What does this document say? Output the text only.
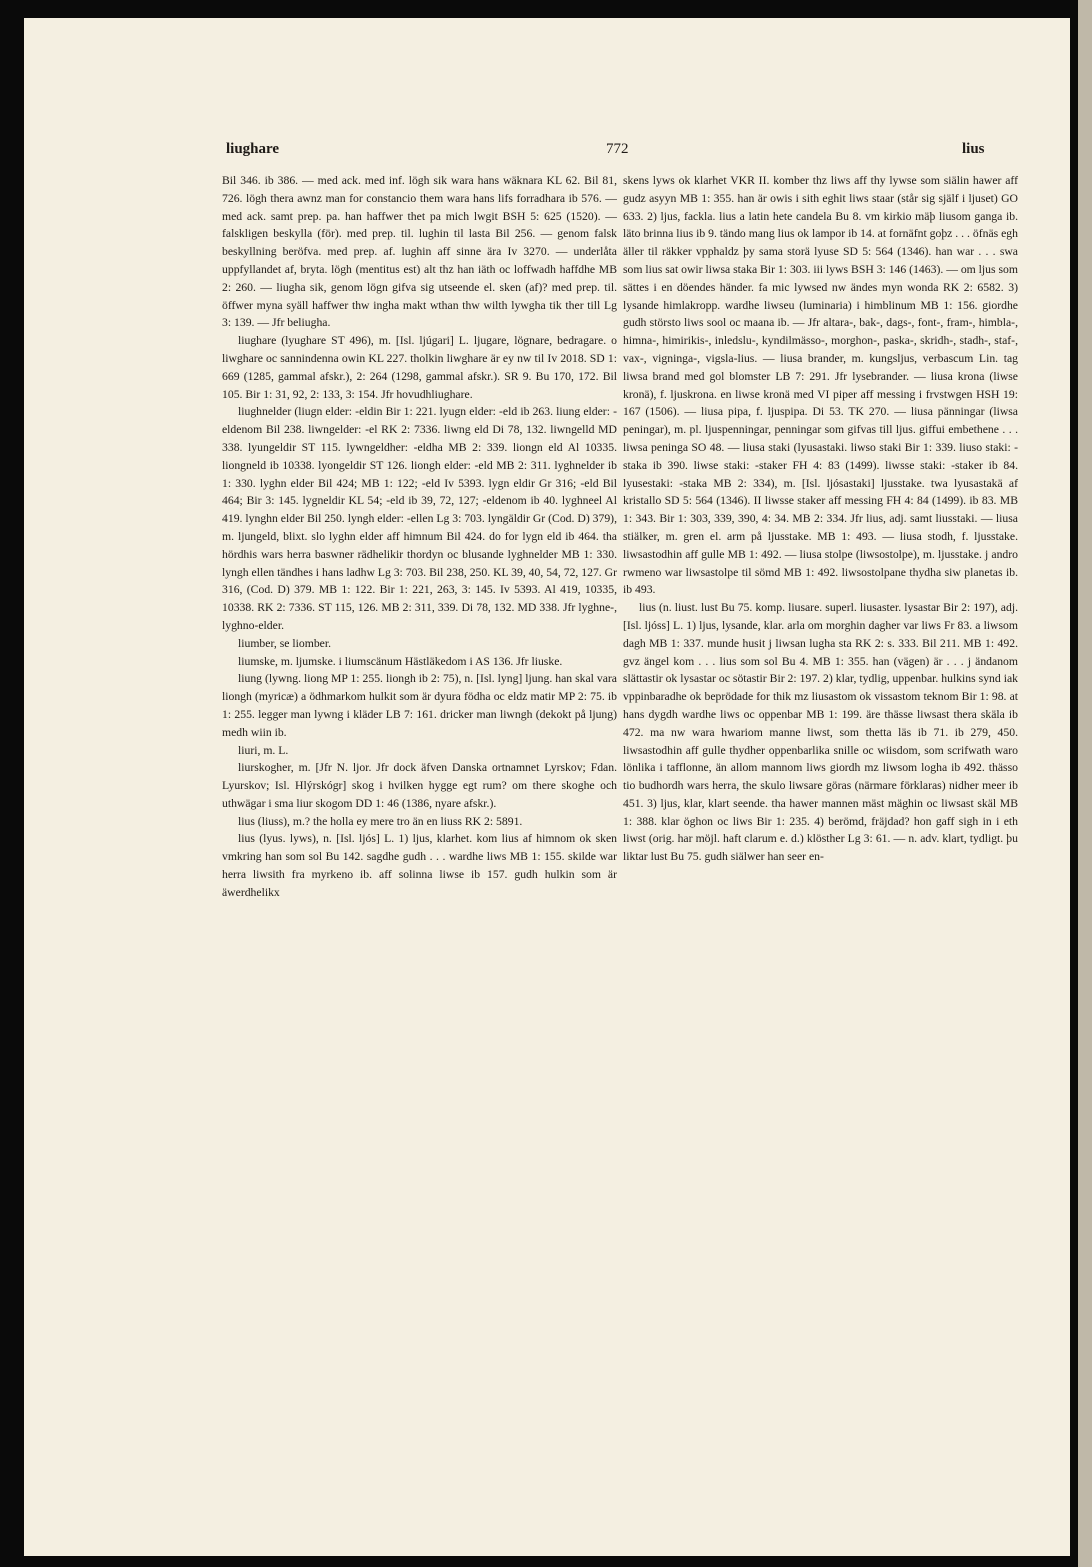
liughare	772	lius

Bil 346. ib 386. — med ack. med inf. lögh sik wara hans wäknara KL 62. Bil 81, 726. lögh thera awnz man for constancio them wara hans lifs forradhara ib 576. — med ack. samt prep. pa. han haffwer thet pa mich lwgit BSH 5: 625 (1520). — falskligen beskylla (för). med prep. til. lughin til lasta Bil 256. — genom falsk beskyllning beröfva. med prep. af. lughin aff sinne ära Iv 3270. — underlåta uppfyllandet af, bryta. lögh (mentitus est) alt thz han iäth oc loffwadh haffdhe MB 2: 260. — liugha sik, genom lögn gifva sig utseende el. sken (af)? med prep. til. öffwer myna syäll haffwer thw ingha makt wthan thw wilth lywgha tik ther till Lg 3: 139. — Jfr beliugha.

liughare (lyughare ST 496), m. [Isl. ljúgari] L. ljugare, lögnare, bedragare. o liwghare oc sannindenna owin KL 227. tholkin liwghare är ey nw til Iv 2018. SD 1: 669 (1285, gammal afskr.), 2: 264 (1298, gammal afskr.). SR 9. Bu 170, 172. Bil 105. Bir 1: 31, 92, 2: 133, 3: 154. Jfr hovudhliughare.

liughnelder (liugn elder: -eldin Bir 1: 221. lyugn elder: -eld ib 263. liung elder: -eldenom Bil 238. liwngelder: -el RK 2: 7336. liwng eld Di 78, 132. liwngelld MD 338. lyungeldir ST 115. lywngeldher: -eldha MB 2: 339. liongn eld Al 10335. liongneld ib 10338. lyongeldir ST 126. liongh elder: -eld MB 2: 311. lyghnelder ib 1: 330. lyghn elder Bil 424; MB 1: 122; -eld Iv 5393. lygn eldir Gr 316; -eld Bil 464; Bir 3: 145. lygneldir KL 54; -eld ib 39, 72, 127; -eldenom ib 40. lyghneel Al 419. lynghn elder Bil 250. lyngh elder: -ellen Lg 3: 703. lyngäldir Gr (Cod. D) 379), m. ljungeld, blixt. slo lyghn elder aff himnum Bil 424. do for lygn eld ib 464. tha hördhis wars herra baswner rädhelikir thordyn oc blusande lyghnelder MB 1: 330. lyngh ellen tändhes i hans ladhw Lg 3: 703. Bil 238, 250. KL 39, 40, 54, 72, 127. Gr 316, (Cod. D) 379. MB 1: 122. Bir 1: 221, 263, 3: 145. Iv 5393. Al 419, 10335, 10338. RK 2: 7336. ST 115, 126. MB 2: 311, 339. Di 78, 132. MD 338. Jfr lyghne-, lyghno-elder.

liumber, se liomber.

liumske, m. ljumske. i liumscänum Hästläkedom i AS 136. Jfr liuske.

liung (lywng. liong MP 1: 255. liongh ib 2: 75), n. [Isl. lyng] ljung. han skal vara liongh (myricæ) a ödhmarkom hulkit som är dyura födha oc eldz matir MP 2: 75. ib 1: 255. legger man lywng i kläder LB 7: 161. dricker man liwngh (dekokt på ljung) medh wiin ib.

liuri, m. L.

liurskogher, m. [Jfr N. ljor. Jfr dock äfven Danska ortnamnet Lyrskov; Fdan. Lyurskov; Isl. Hlýrskógr] skog i hvilken hygge egt rum? om there skoghe och uthwägar i sma liur skogom DD 1: 46 (1386, nyare afskr.).

lius (liuss), m.? the holla ey mere tro än en liuss RK 2: 5891.

lius (lyus. lyws), n. [Isl. ljós] L. 1) ljus, klarhet. kom lius af himnom ok sken vmkring han som sol Bu 142. sagdhe gudh . . . wardhe liws MB 1: 155. skilde war herra liwsith fra myrkeno ib. aff solinna liwse ib 157. gudh hulkin som är äwerdhelikx

skens lyws ok klarhet VKR II. komber thz liws aff thy lywse som siälin hawer aff gudz asyyn MB 1: 355. han är owis i sith eghit liws staar (står sig själf i ljuset) GO 633. 2) ljus, fackla. lius a latin hete candela Bu 8. vm kirkio mäþ liusom ganga ib. läto brinna lius ib 9. tändo mang lius ok lampor ib 14. at fornäfnt goþz . . . öfnäs egh äller til räkker vpphaldz þy sama storä lyuse SD 5: 564 (1346). han war . . . swa som lius sat owir liwsa staka Bir 1: 303. iii lyws BSH 3: 146 (1463). — om ljus som sättes i en döendes händer. fa mic lywsed nw ändes myn wonda RK 2: 6582. 3) lysande himlakropp. wardhe liwseu (luminaria) i himblinum MB 1: 156. giordhe gudh störsto liws sool oc maana ib. — Jfr altara-, bak-, dags-, font-, fram-, himbla-, himna-, himirikis-, inledslu-, kyndilmässo-, morghon-, paska-, skridh-, stadh-, staf-, vax-, vigninga-, vigsla-lius. — liusa brander, m. kungsljus, verbascum Lin. tag liwsa brand med gol blomster LB 7: 291. Jfr lysebrander. — liusa krona (liwse kronä), f. ljuskrona. en liwse kronä med VI piper aff messing i frvstwgen HSH 19: 167 (1506). — liusa pipa, f. ljuspipa. Di 53. TK 270. — liusa pänningar (liwsa peningar), m. pl. ljuspenningar, penningar som gifvas till ljus. giffui embethene . . . liwsa peninga SO 48. — liusa staki (lyusastaki. liwso staki Bir 1: 339. liuso staki: -staka ib 390. liwse staki: -staker FH 4: 83 (1499). liwsse staki: -staker ib 84. lyusestaki: -staka MB 2: 334), m. [Isl. ljósastaki] ljusstake. twa lyusastakä af kristallo SD 5: 564 (1346). II liwsse staker aff messing FH 4: 84 (1499). ib 83. MB 1: 343. Bir 1: 303, 339, 390, 4: 34. MB 2: 334. Jfr lius, adj. samt liusstaki. — liusa stiälker, m. gren el. arm på ljusstake. MB 1: 493. — liusa stodh, f. ljusstake. liwsastodhin aff gulle MB 1: 492. — liusa stolpe (liwsostolpe), m. ljusstake. j andro rwmeno war liwsastolpe til sömd MB 1: 492. liwsostolpane thydha siw planetas ib. ib 493.

lius (n. liust. lust Bu 75. komp. liusare. superl. liusaster. lysastar Bir 2: 197), adj. [Isl. ljóss] L. 1) ljus, lysande, klar. arla om morghin dagher var liws Fr 83. a liwsom dagh MB 1: 337. munde husit j liwsan lugha sta RK 2: s. 333. Bil 211. MB 1: 492. gvz ängel kom . . . lius som sol Bu 4. MB 1: 355. han (vägen) är . . . j ändanom slättastir ok lysastar oc sötastir Bir 2: 197. 2) klar, tydlig, uppenbar. hulkins synd iak vppinbaradhe ok beprödade for thik mz liusastom ok vissastom teknom Bir 1: 98. at hans dygdh wardhe liws oc oppenbar MB 1: 199. äre thässe liwsast thera skäla ib 472. ma nw wara hwariom manne liwst, som thetta läs ib 71. ib 279, 450. liwsastodhin aff gulle thydher oppenbarlika snille oc wiisdom, som scrifwath waro lönlika i tafflonne, än allom mannom liws giordh mz liwsom logha ib 492. thässo tio budhordh wars herra, the skulo liwsare göras (närmare förklaras) nidher meer ib 451. 3) ljus, klar, klart seende. tha hawer mannen mäst mäghin oc liwsast skäl MB 1: 388. klar öghon oc liws Bir 1: 235. 4) berömd, fräjdad? hon gaff sigh in i eth liwst (orig. har möjl. haft clarum e. d.) klösther Lg 3: 61. — n. adv. klart, tydligt. þu liktar lust Bu 75. gudh siälwer han seer en-
